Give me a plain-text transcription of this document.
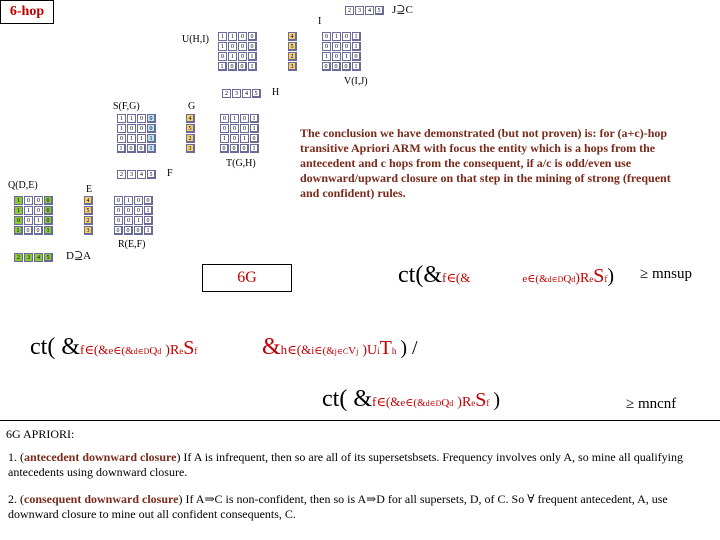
6-hop	2	3	4	5	J⊇C
I
U(H,I)	1	1	0	0
1	0	0	0
0	1	0	1
1	0	0	1
4
5
2
3
0	1	0	1
0	0	0	1
1	0	1	0
0	0	0	1
V(I,J)
2	3	4	5	H
S(F,G)	G
1	1	0	0
1	0	0	0
0	1	1	1
1	0	0	1
4
5
2
3
0	1	0	1
0	0	0	1
1	0	1	0
0	0	0	1
T(G,H)
2	3	4	5	F
Q(D,E)	E
1	0	0	0
1	1	0	0
0	0	1	0
1	0	0	1
4
5
2
3
0	1	0	0
0	0	0	1
0	0	1	0
0	0	0	1
R(E,F)
2	3	4	5	D⊇A

The conclusion we have demonstrated (but not proven) is: for (a+c)-hop transitive Apriori ARM with focus the entity which is a hops from the antecedent and c hops from the consequent, if a/c is odd/even use downward/upward closure on that step in the mining of strong (frequent and confident) rules.

6G	ct(&f∈(&	e∈(&d∈DQd)ReSf) ≥ mnsup
ct( &f∈(&e∈(&d∈DQd )ReSf	&h∈(&i∈(&j∈CVj )UiTh ) /
ct( &f∈(&e∈(&d∈DQd )ReSf )	≥ mncnf
6G APRIORI:
1. (antecedent downward closure) If A is infrequent, then so are all of its supersetsbsets. Frequency involves only A, so mine all qualifying antecedents using downward closure.
2. (consequent downward closure) If A⇒C is non-confident, then so is A⇒D for all supersets, D, of C. So ∀ frequent antecedent, A, use downward closure to mine out all confident consequents, C.
